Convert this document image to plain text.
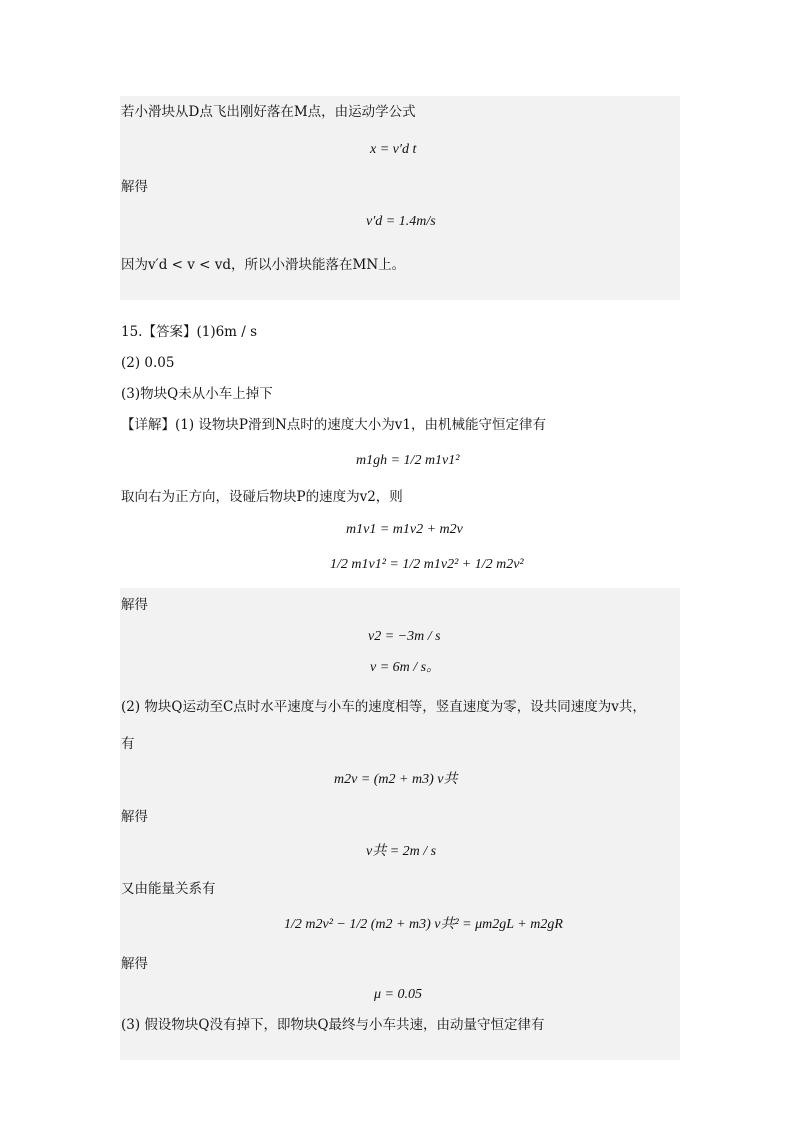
若小滑块从D点飞出刚好落在M点，由运动学公式
x = v′d t
解得
v′d = 1.4m/s
因为v′d < v < vd，所以小滑块能落在MN上。
15.【答案】(1)6m / s
(2) 0.05
(3)物块Q未从小车上掉下
【详解】(1) 设物块P滑到N点时的速度大小为v1，由机械能守恒定律有
m1gh = 1/2 m1v1²
取向右为正方向，设碰后物块P的速度为v2，则
m1v1 = m1v2 + m2v
1/2 m1v1² = 1/2 m1v2² + 1/2 m2v²
解得
v2 = −3m / s
v = 6m / s。
(2) 物块Q运动至C点时水平速度与小车的速度相等，竖直速度为零，设共同速度为v共，
有
m2v = (m2 + m3) v共
解得
v共 = 2m / s
又由能量关系有
1/2 m2v² − 1/2 (m2 + m3) v共² = μm2gL + m2gR
解得
μ = 0.05
(3) 假设物块Q没有掉下，即物块Q最终与小车共速，由动量守恒定律有
